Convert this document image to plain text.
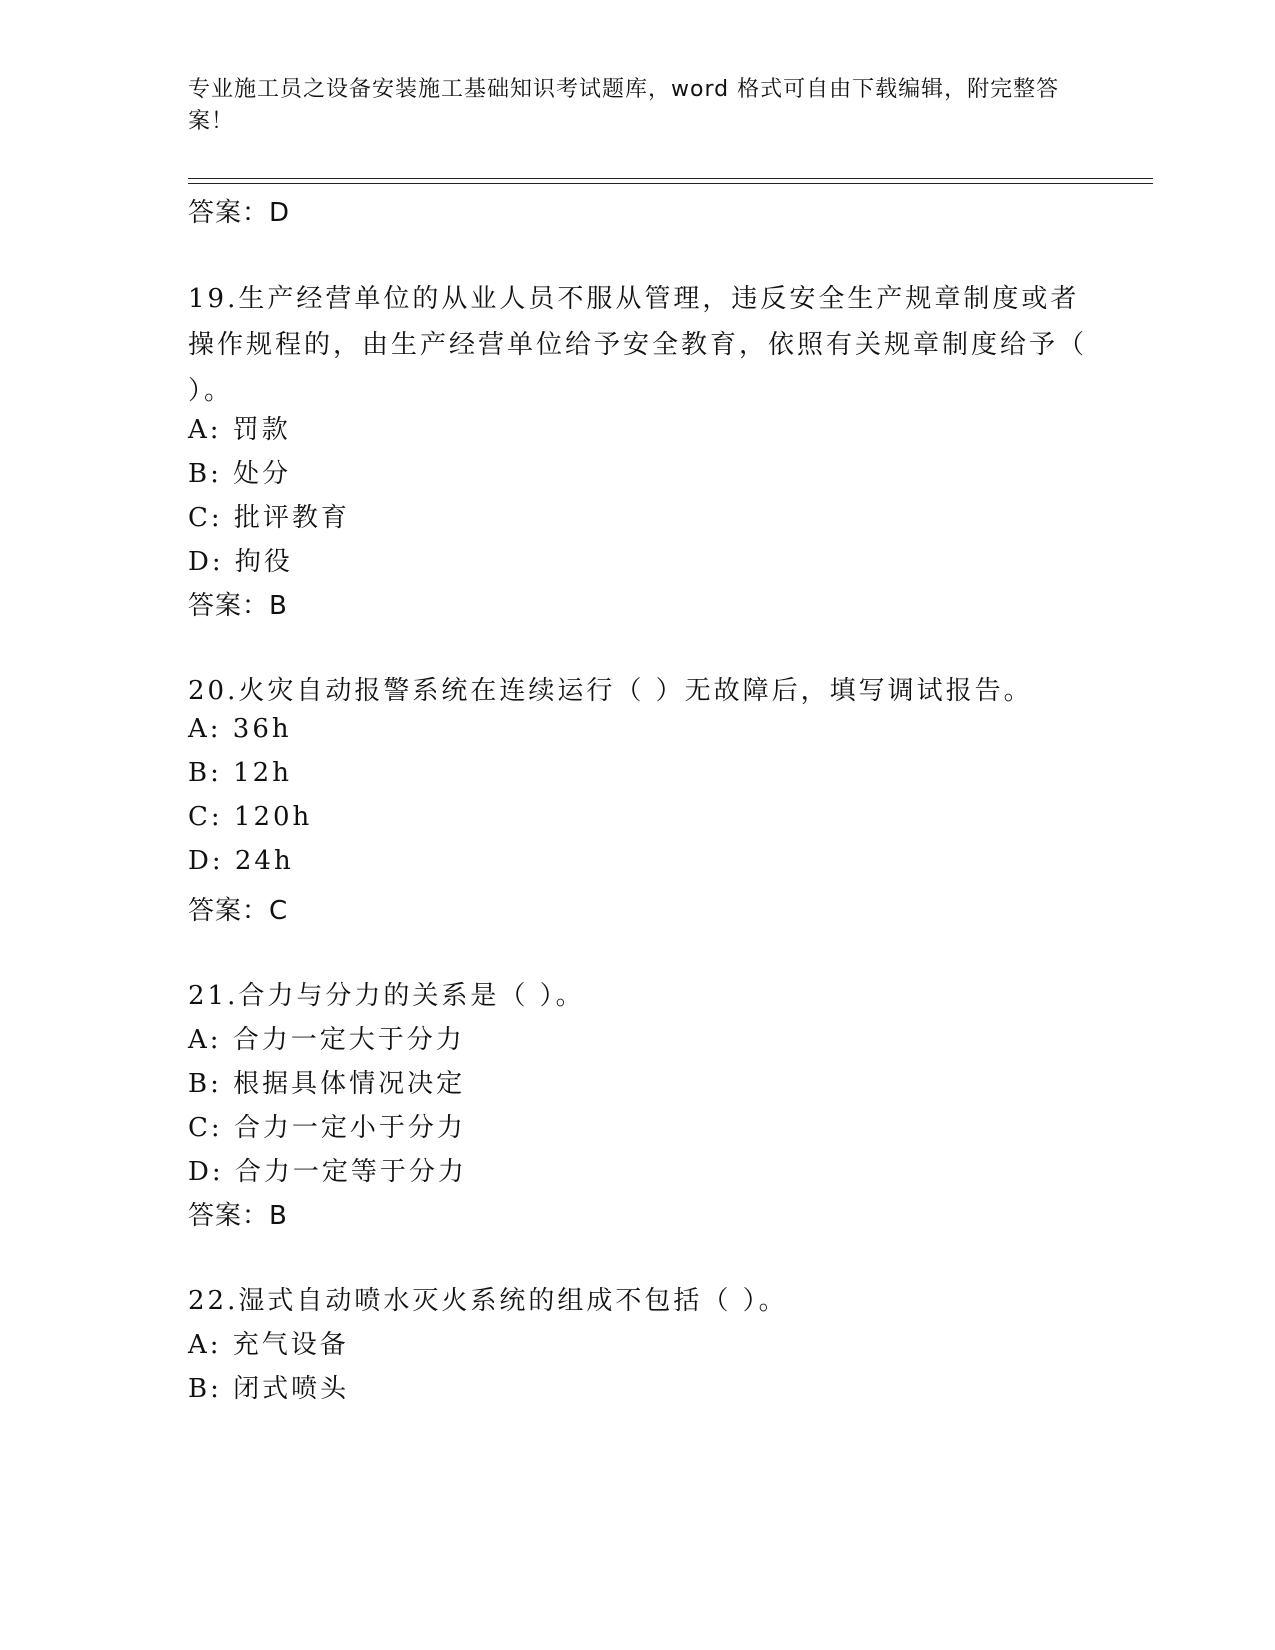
专业施工员之设备安装施工基础知识考试题库，word 格式可自由下载编辑，附完整答案！
答案：D
19.生产经营单位的从业人员不服从管理，违反安全生产规章制度或者操作规程的，由生产经营单位给予安全教育，依照有关规章制度给予（ ）。
A: 罚款
B: 处分
C: 批评教育
D: 拘役
答案：B
20.火灾自动报警系统在连续运行（ ）无故障后，填写调试报告。
A: 36h
B: 12h
C: 120h
D: 24h
答案：C
21.合力与分力的关系是（ ）。
A: 合力一定大于分力
B: 根据具体情况决定
C: 合力一定小于分力
D: 合力一定等于分力
答案：B
22.湿式自动喷水灭火系统的组成不包括（ ）。
A: 充气设备
B: 闭式喷头
